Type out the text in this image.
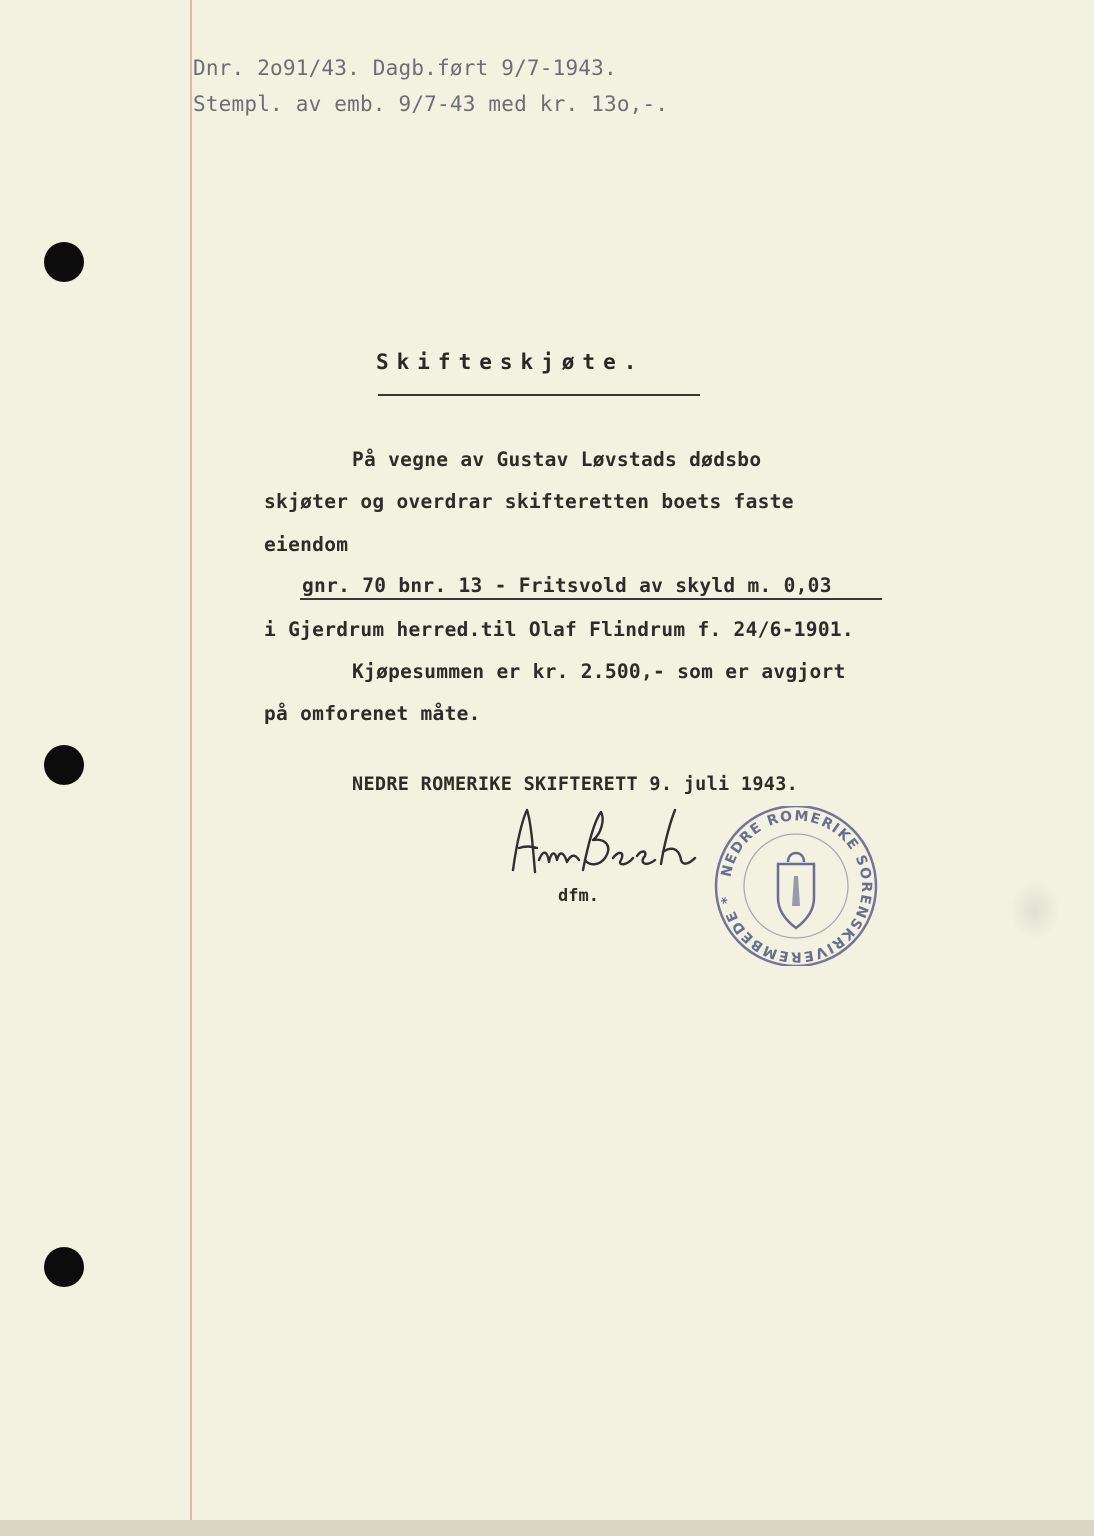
Dnr. 2o91/43. Dagb.ført 9/7-1943.
Stempl. av emb. 9/7-43 med kr. 13o,-.
Skifteskjøte.
På vegne av Gustav Løvstads dødsbo
skjøter og overdrar skifteretten boets faste
eiendom
gnr. 70 bnr. 13 - Fritsvold av skyld m. 0,03
i Gjerdrum herred.til Olaf Flindrum f. 24/6-1901.
Kjøpesummen er kr. 2.500,- som er avgjort
på omforenet måte.
NEDRE ROMERIKE SKIFTERETT 9. juli 1943.
dfm.
NEDRE ROMERIKE SORENSKRIVEREMBEDE *
